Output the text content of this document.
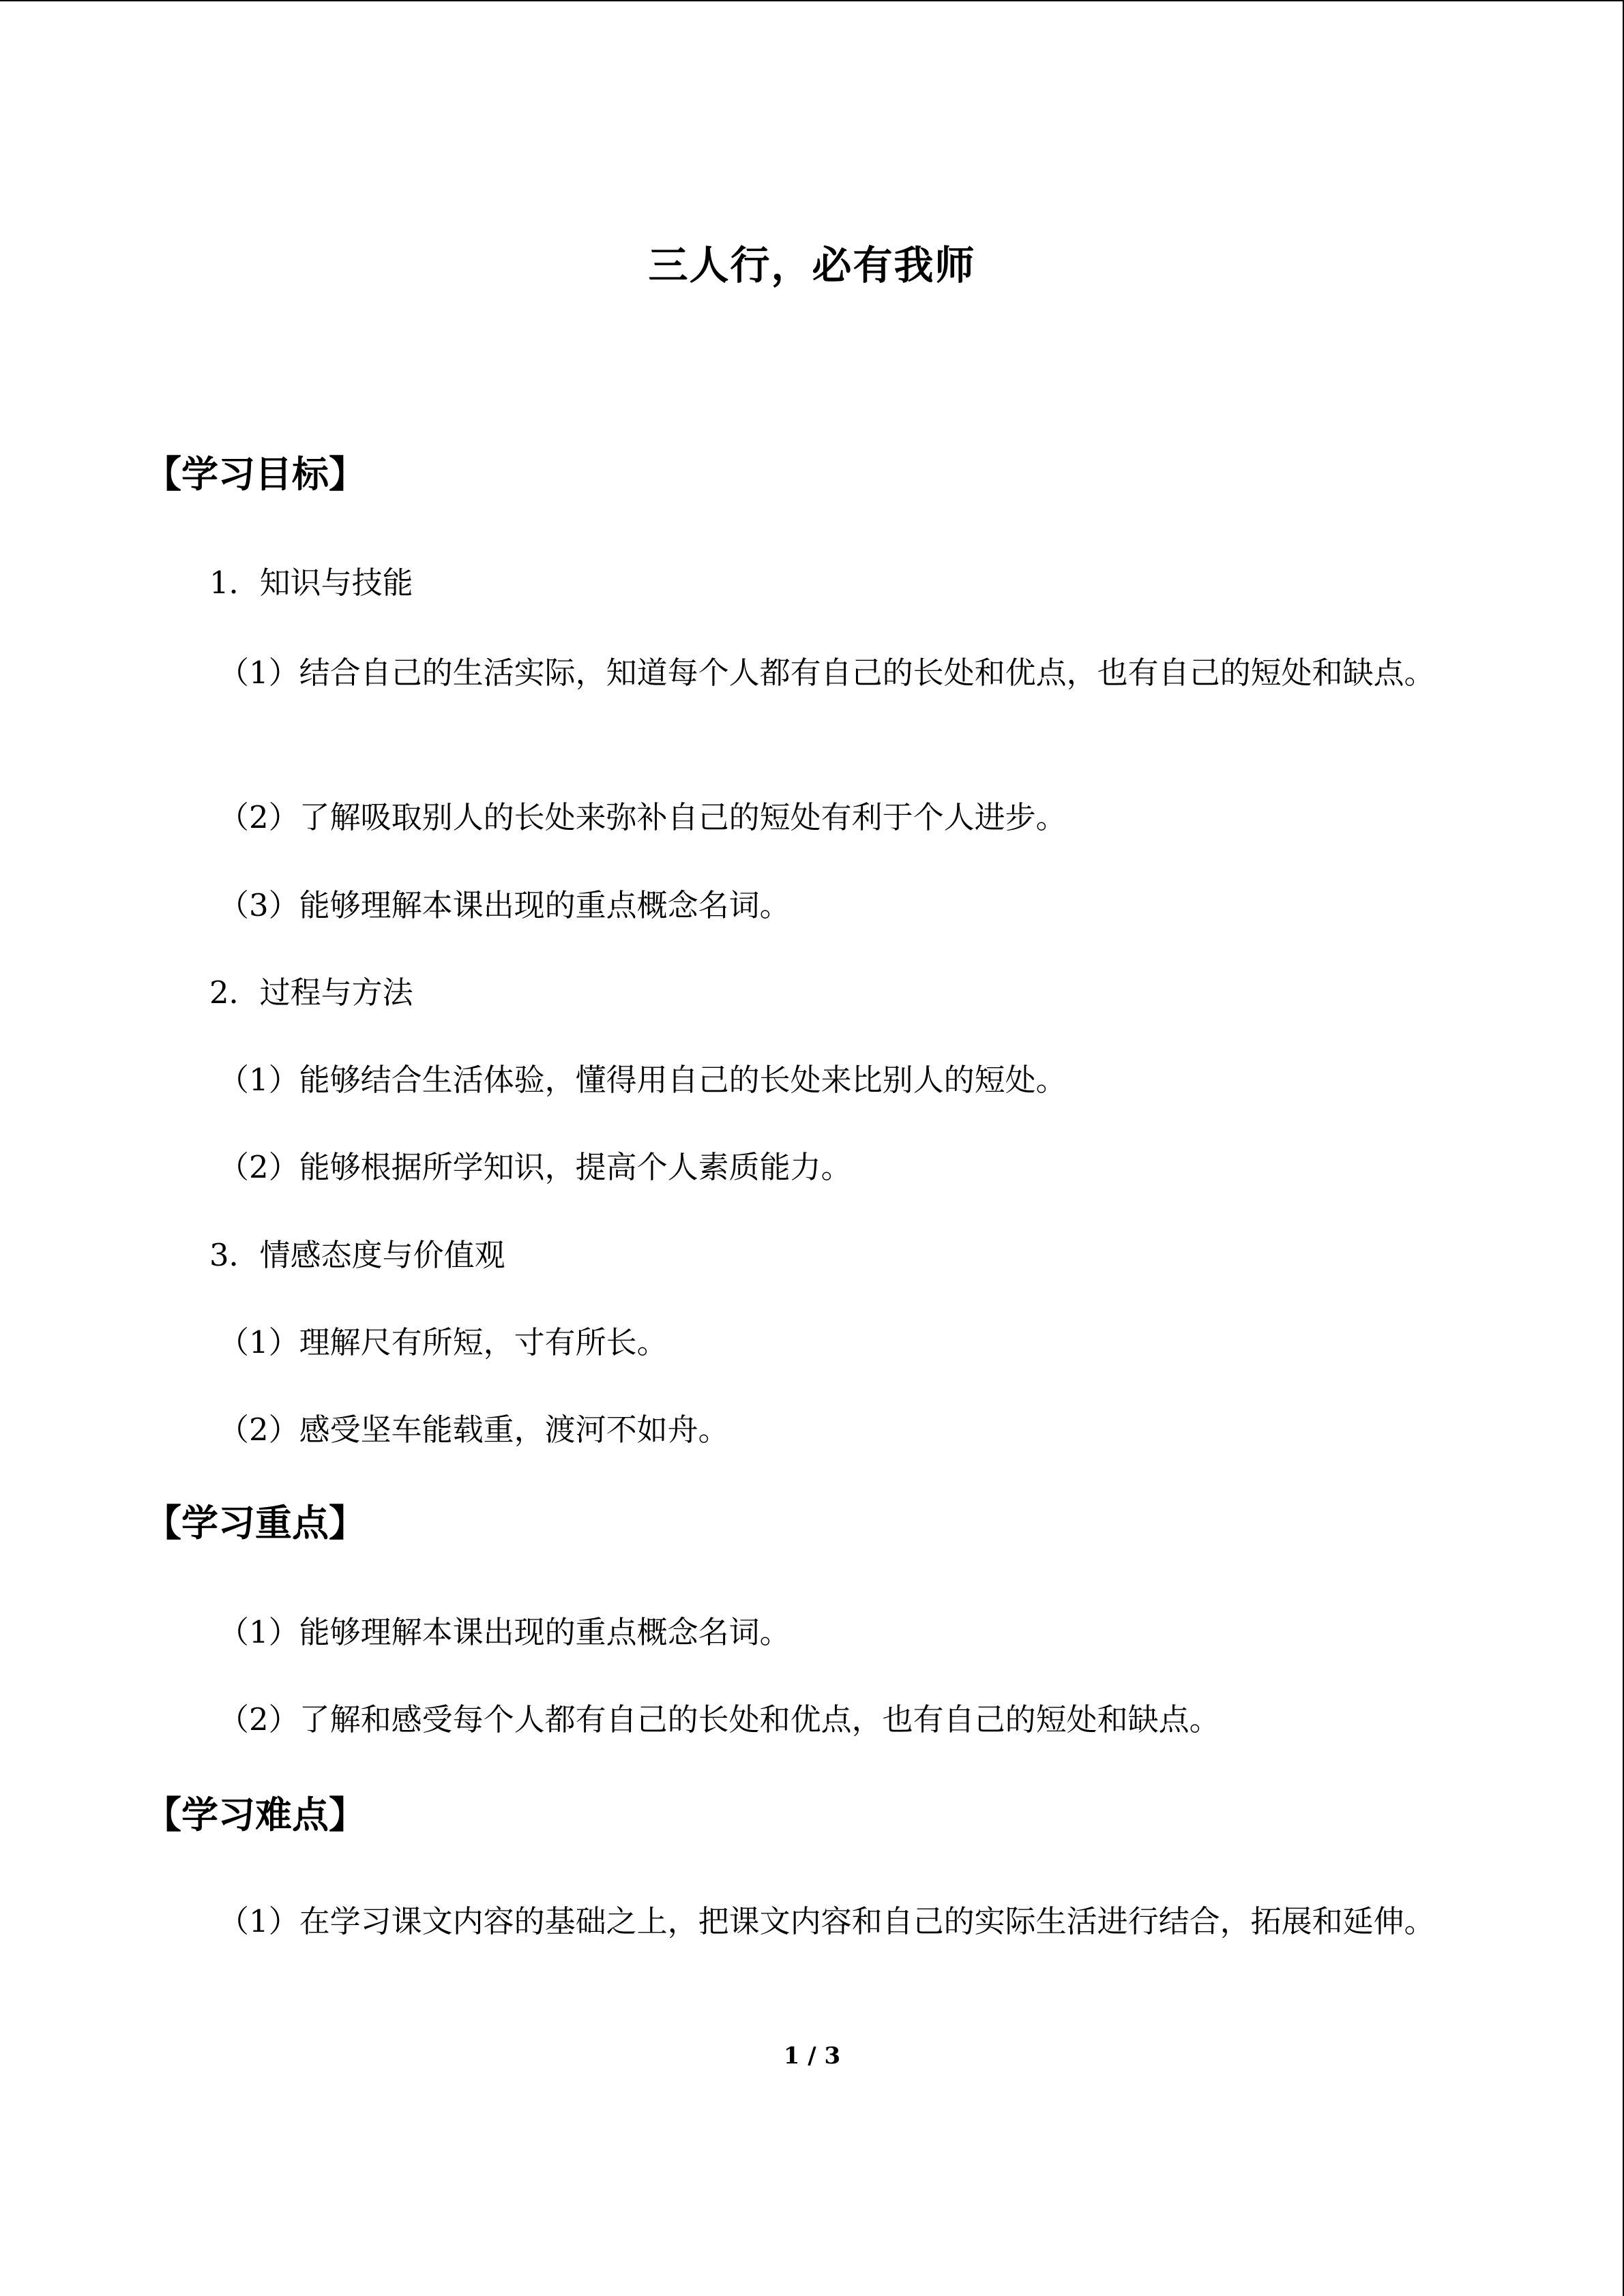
三人行，必有我师
【学习目标】
1．知识与技能
（1）结合自己的生活实际，知道每个人都有自己的长处和优点，也有自己的短处和缺点。
（2）了解吸取别人的长处来弥补自己的短处有利于个人进步。
（3）能够理解本课出现的重点概念名词。
2．过程与方法
（1）能够结合生活体验，懂得用自己的长处来比别人的短处。
（2）能够根据所学知识，提高个人素质能力。
3．情感态度与价值观
（1）理解尺有所短，寸有所长。
（2）感受坚车能载重，渡河不如舟。
【学习重点】
（1）能够理解本课出现的重点概念名词。
（2）了解和感受每个人都有自己的长处和优点，也有自己的短处和缺点。
【学习难点】
（1）在学习课文内容的基础之上，把课文内容和自己的实际生活进行结合，拓展和延伸。
1 / 3
